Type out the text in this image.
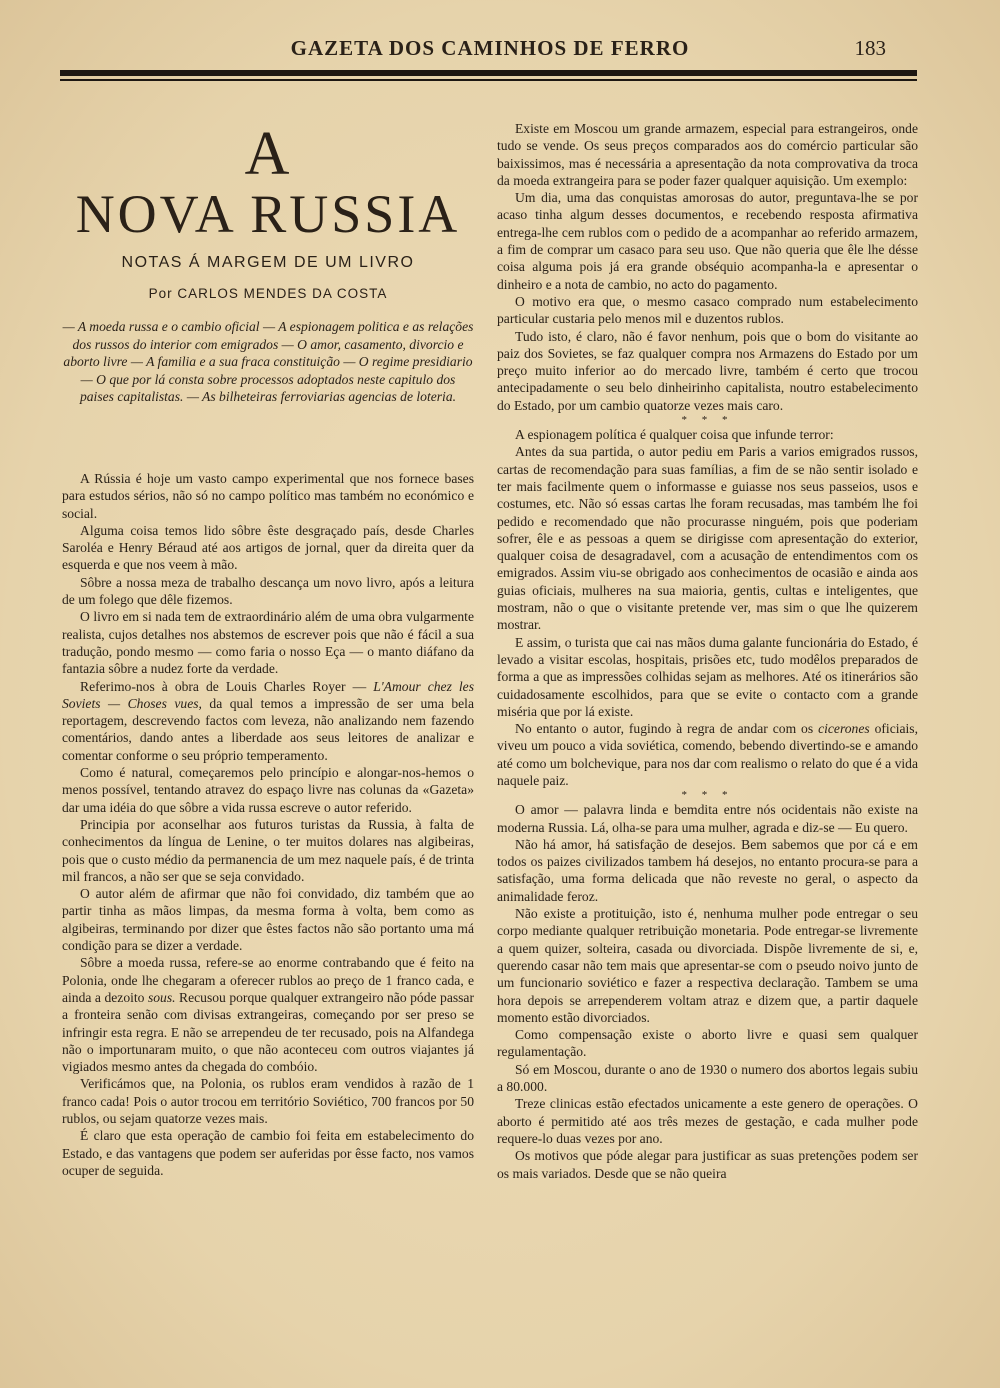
GAZETA DOS CAMINHOS DE FERRO	183
A
NOVA RUSSIA
NOTAS Á MARGEM DE UM LIVRO
Por CARLOS MENDES DA COSTA
— A moeda russa e o cambio oficial — A espionagem politica e as relações dos russos do interior com emigrados — O amor, casamento, divorcio e aborto livre — A familia e a sua fraca constituição — O regime presidiario — O que por lá consta sobre processos adoptados neste capitulo dos paises capitalistas. — As bilheteiras ferroviarias agencias de loteria.

A Rússia é hoje um vasto campo experimental que nos fornece bases para estudos sérios, não só no campo político mas também no económico e social.

Alguma coisa temos lido sôbre êste desgraçado país, desde Charles Saroléa e Henry Béraud até aos artigos de jornal, quer da direita quer da esquerda e que nos veem à mão.

Sôbre a nossa meza de trabalho descança um novo livro, após a leitura de um folego que dêle fizemos.

O livro em si nada tem de extraordinário além de uma obra vulgarmente realista, cujos detalhes nos abstemos de escrever pois que não é fácil a sua tradução, pondo mesmo — como faria o nosso Eça — o manto diáfano da fantazia sôbre a nudez forte da verdade.

Referimo-nos à obra de Louis Charles Royer — L'Amour chez les Soviets — Choses vues, da qual temos a impressão de ser uma bela reportagem, descrevendo factos com leveza, não analizando nem fazendo comentários, dando antes a liberdade aos seus leitores de analizar e comentar conforme o seu próprio temperamento.

Como é natural, começaremos pelo princípio e alongar-nos-hemos o menos possível, tentando atravez do espaço livre nas colunas da «Gazeta» dar uma idéia do que sôbre a vida russa escreve o autor referido.

Principia por aconselhar aos futuros turistas da Russia, à falta de conhecimentos da língua de Lenine, o ter muitos dolares nas algibeiras, pois que o custo médio da permanencia de um mez naquele país, é de trinta mil francos, a não ser que se seja convidado.

O autor além de afirmar que não foi convidado, diz também que ao partir tinha as mãos limpas, da mesma forma à volta, bem como as algibeiras, terminando por dizer que êstes factos não são portanto uma má condição para se dizer a verdade.

Sôbre a moeda russa, refere-se ao enorme contrabando que é feito na Polonia, onde lhe chegaram a oferecer rublos ao preço de 1 franco cada, e ainda a dezoito sous. Recusou porque qualquer extrangeiro não póde passar a fronteira senão com divisas extrangeiras, começando por ser preso se infringir esta regra. E não se arrependeu de ter recusado, pois na Alfandega não o importunaram muito, o que não aconteceu com outros viajantes já vigiados mesmo antes da chegada do combóio.

Verificámos que, na Polonia, os rublos eram vendidos à razão de 1 franco cada! Pois o autor trocou em território Soviético, 700 francos por 50 rublos, ou sejam quatorze vezes mais.

É claro que esta operação de cambio foi feita em estabelecimento do Estado, e das vantagens que podem ser auferidas por êsse facto, nos vamos ocuper de seguida.

Existe em Moscou um grande armazem, especial para estrangeiros, onde tudo se vende. Os seus preços comparados aos do comércio particular são baixissimos, mas é necessária a apresentação da nota comprovativa da troca da moeda extrangeira para se poder fazer qualquer aquisição. Um exemplo:

Um dia, uma das conquistas amorosas do autor, preguntava-lhe se por acaso tinha algum desses documentos, e recebendo resposta afirmativa entrega-lhe cem rublos com o pedido de a acompanhar ao referido armazem, a fim de comprar um casaco para seu uso. Que não queria que êle lhe désse coisa alguma pois já era grande obséquio acompanha-la e apresentar o dinheiro e a nota de cambio, no acto do pagamento.

O motivo era que, o mesmo casaco comprado num estabelecimento particular custaria pelo menos mil e duzentos rublos.

Tudo isto, é claro, não é favor nenhum, pois que o bom do visitante ao paiz dos Sovietes, se faz qualquer compra nos Armazens do Estado por um preço muito inferior ao do mercado livre, também é certo que trocou antecipadamente o seu belo dinheirinho capitalista, noutro estabelecimento do Estado, por um cambio quatorze vezes mais caro.

* * *

A espionagem política é qualquer coisa que infunde terror:

Antes da sua partida, o autor pediu em Paris a varios emigrados russos, cartas de recomendação para suas famílias, a fim de se não sentir isolado e ter mais facilmente quem o informasse e guiasse nos seus passeios, usos e costumes, etc. Não só essas cartas lhe foram recusadas, mas também lhe foi pedido e recomendado que não procurasse ninguém, pois que poderiam sofrer, êle e as pessoas a quem se dirigisse com apresentação do exterior, qualquer coisa de desagradavel, com a acusação de entendimentos com os emigrados. Assim viu-se obrigado aos conhecimentos de ocasião e ainda aos guias oficiais, mulheres na sua maioria, gentis, cultas e inteligentes, que mostram, não o que o visitante pretende ver, mas sim o que lhe quizerem mostrar.

E assim, o turista que cai nas mãos duma galante funcionária do Estado, é levado a visitar escolas, hospitais, prisões etc, tudo modêlos preparados de forma a que as impressões colhidas sejam as melhores. Até os itinerários são cuidadosamente escolhidos, para que se evite o contacto com a grande miséria que por lá existe.

No entanto o autor, fugindo à regra de andar com os cicerones oficiais, viveu um pouco a vida soviética, comendo, bebendo divertindo-se e amando até como um bolchevique, para nos dar com realismo o relato do que é a vida naquele paiz.

* * *

O amor — palavra linda e bemdita entre nós ocidentais não existe na moderna Russia. Lá, olha-se para uma mulher, agrada e diz-se — Eu quero.

Não há amor, há satisfação de desejos. Bem sabemos que por cá e em todos os paizes civilizados tambem há desejos, no entanto procura-se para a satisfação, uma forma delicada que não reveste no geral, o aspecto da animalidade feroz.

Não existe a protituição, isto é, nenhuma mulher pode entregar o seu corpo mediante qualquer retribuição monetaria. Pode entregar-se livremente a quem quizer, solteira, casada ou divorciada. Dispõe livremente de si, e, querendo casar não tem mais que apresentar-se com o pseudo noivo junto de um funcionario soviético e fazer a respectiva declaração. Tambem se uma hora depois se arrependerem voltam atraz e dizem que, a partir daquele momento estão divorciados.

Como compensação existe o aborto livre e quasi sem qualquer regulamentação.

Só em Moscou, durante o ano de 1930 o numero dos abortos legais subiu a 80.000.

Treze clinicas estão efectados unicamente a este genero de operações. O aborto é permitido até aos três mezes de gestação, e cada mulher pode requere-lo duas vezes por ano.

Os motivos que póde alegar para justificar as suas pretenções podem ser os mais variados. Desde que se não queira
